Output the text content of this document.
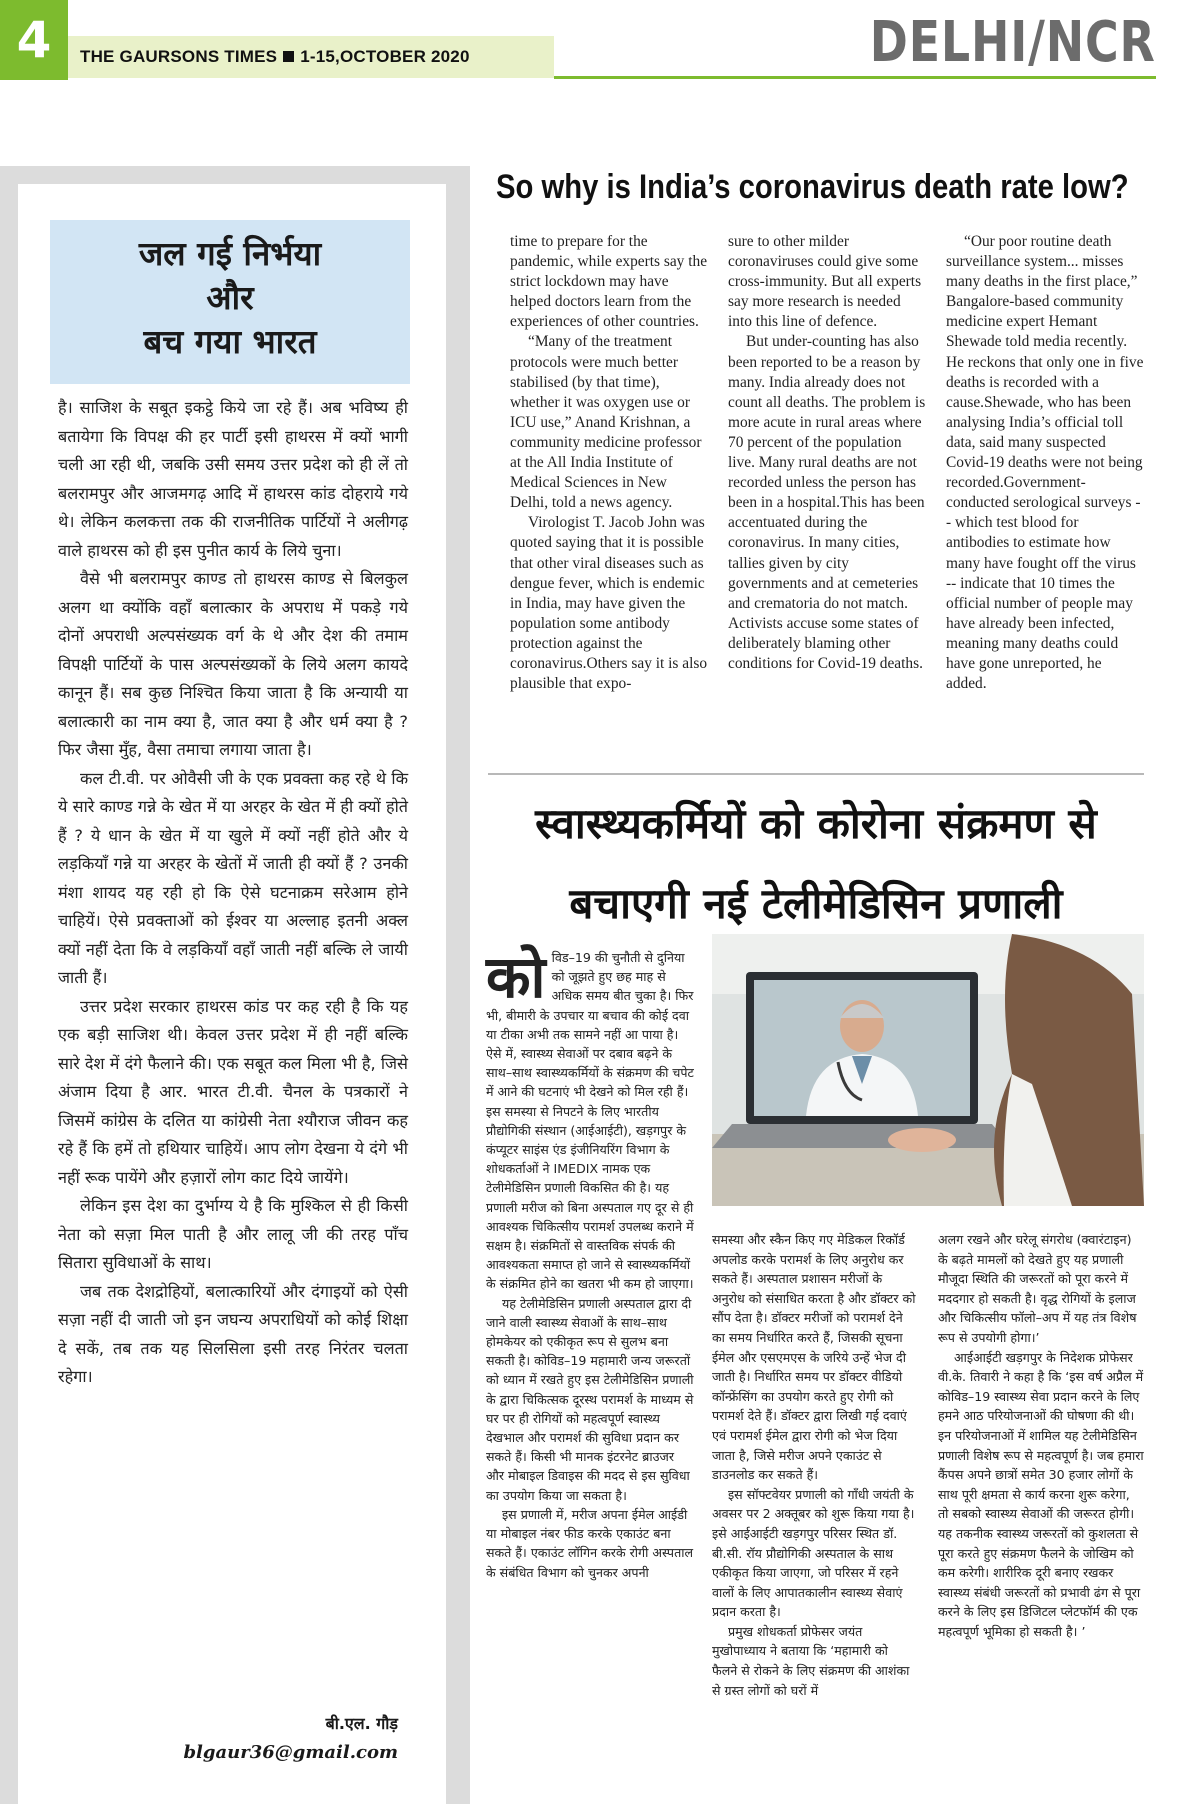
4	THE GAURSONS TIMES 1-15,OCTOBER 2020	DELHI/NCR
जल गई निर्भया
और
बच गया भारत

है। साजिश के सबूत इकट्ठे किये जा रहे हैं। अब भविष्य ही बतायेगा कि विपक्ष की हर पार्टी इसी हाथरस में क्यों भागी चली आ रही थी, जबकि उसी समय उत्तर प्रदेश को ही लें तो बलरामपुर और आजमगढ़ आदि में हाथरस कांड दोहराये गये थे। लेकिन कलकत्ता तक की राजनीतिक पार्टियों ने अलीगढ़ वाले हाथरस को ही इस पुनीत कार्य के लिये चुना।

वैसे भी बलरामपुर काण्ड तो हाथरस काण्ड से बिलकुल अलग था क्योंकि वहाँ बलात्कार के अपराध में पकड़े गये दोनों अपराधी अल्पसंख्यक वर्ग के थे और देश की तमाम विपक्षी पार्टियों के पास अल्पसंख्यकों के लिये अलग कायदे कानून हैं। सब कुछ निश्चित किया जाता है कि अन्यायी या बलात्कारी का नाम क्या है, जात क्या है और धर्म क्या है ? फिर जैसा मुँह, वैसा तमाचा लगाया जाता है।

कल टी.वी. पर ओवैसी जी के एक प्रवक्ता कह रहे थे कि ये सारे काण्ड गन्ने के खेत में या अरहर के खेत में ही क्यों होते हैं ? ये धान के खेत में या खुले में क्यों नहीं होते और ये लड़कियाँ गन्ने या अरहर के खेतों में जाती ही क्यों हैं ? उनकी मंशा शायद यह रही हो कि ऐसे घटनाक्रम सरेआम होने चाहियें। ऐसे प्रवक्ताओं को ईश्वर या अल्लाह इतनी अक्ल क्यों नहीं देता कि वे लड़कियाँ वहाँ जाती नहीं बल्कि ले जायी जाती हैं।

उत्तर प्रदेश सरकार हाथरस कांड पर कह रही है कि यह एक बड़ी साजिश थी। केवल उत्तर प्रदेश में ही नहीं बल्कि सारे देश में दंगे फैलाने की। एक सबूत कल मिला भी है, जिसे अंजाम दिया है आर. भारत टी.वी. चैनल के पत्रकारों ने जिसमें कांग्रेस के दलित या कांग्रेसी नेता श्यौराज जीवन कह रहे हैं कि हमें तो हथियार चाहियें। आप लोग देखना ये दंगे भी नहीं रूक पायेंगे और हज़ारों लोग काट दिये जायेंगे।

लेकिन इस देश का दुर्भाग्य ये है कि मुश्किल से ही किसी नेता को सज़ा मिल पाती है और लालू जी की तरह पाँच सितारा सुविधाओं के साथ।

जब तक देशद्रोहियों, बलात्कारियों और दंगाइयों को ऐसी सज़ा नहीं दी जाती जो इन जघन्य अपराधियों को कोई शिक्षा दे सकें, तब तक यह सिलसिला इसी तरह निरंतर चलता रहेगा।

बी.एल. गौड़
blgaur36@gmail.com
So why is India’s coronavirus death rate low?

time to prepare for the pandemic, while experts say the strict lockdown may have helped doctors learn from the experiences of other countries.

“Many of the treatment protocols were much better stabilised (by that time), whether it was oxygen use or ICU use,” Anand Krishnan, a community medicine professor at the All India Institute of Medical Sciences in New Delhi, told a news agency.

Virologist T. Jacob John was quoted saying that it is possible that other viral diseases such as dengue fever, which is endemic in India, may have given the population some antibody protection against the coronavirus.Others say it is also plausible that expo-

sure to other milder coronaviruses could give some cross-immunity. But all experts say more research is needed into this line of defence.

But under-counting has also been reported to be a reason by many. India already does not count all deaths. The problem is more acute in rural areas where 70 percent of the population live. Many rural deaths are not recorded unless the person has been in a hospital.This has been accentuated during the coronavirus. In many cities, tallies given by city governments and at cemeteries and crematoria do not match. Activists accuse some states of deliberately blaming other conditions for Covid-19 deaths.

“Our poor routine death surveillance system... misses many deaths in the first place,” Bangalore-based community medicine expert Hemant Shewade told media recently. He reckons that only one in five deaths is recorded with a cause.Shewade, who has been analysing India’s official toll data, said many suspected Covid-19 deaths were not being recorded.Government-conducted serological surveys -- which test blood for antibodies to estimate how many have fought off the virus -- indicate that 10 times the official number of people may have already been infected, meaning many deaths could have gone unreported, he added.

स्वास्थ्यकर्मियों को कोरोना संक्रमण से
बचाएगी नई टेलीमेडिसिन प्रणाली

कोविड–19 की चुनौती से दुनिया को जूझते हुए छह माह से अधिक समय बीत चुका है। फिर भी, बीमारी के उपचार या बचाव की कोई दवा या टीका अभी तक सामने नहीं आ पाया है। ऐसे में, स्वास्थ्य सेवाओं पर दबाव बढ़ने के साथ–साथ स्वास्थ्यकर्मियों के संक्रमण की चपेट में आने की घटनाएं भी देखने को मिल रही हैं। इस समस्या से निपटने के लिए भारतीय प्रौद्योगिकी संस्थान (आईआईटी), खड़गपुर के कंप्यूटर साइंस एंड इंजीनियरिंग विभाग के शोधकर्ताओं ने IMEDIX नामक एक टेलीमेडिसिन प्रणाली विकसित की है। यह प्रणाली मरीज को बिना अस्पताल गए दूर से ही आवश्यक चिकित्सीय परामर्श उपलब्ध कराने में सक्षम है। संक्रमितों से वास्तविक संपर्क की आवश्यकता समाप्त हो जाने से स्वास्थ्यकर्मियों के संक्रमित होने का खतरा भी कम हो जाएगा।

यह टेलीमेडिसिन प्रणाली अस्पताल द्वारा दी जाने वाली स्वास्थ्य सेवाओं के साथ–साथ होमकेयर को एकीकृत रूप से सुलभ बना सकती है। कोविड–19 महामारी जन्य जरूरतों को ध्यान में रखते हुए इस टेलीमेडिसिन प्रणाली के द्वारा चिकित्सक दूरस्थ परामर्श के माध्यम से घर पर ही रोगियों को महत्वपूर्ण स्वास्थ्य देखभाल और परामर्श की सुविधा प्रदान कर सकते हैं। किसी भी मानक इंटरनेट ब्राउजर और मोबाइल डिवाइस की मदद से इस सुविधा का उपयोग किया जा सकता है।

इस प्रणाली में, मरीज अपना ईमेल आईडी या मोबाइल नंबर फीड करके एकाउंट बना सकते हैं। एकाउंट लॉगिन करके रोगी अस्पताल के संबंधित विभाग को चुनकर अपनी

समस्या और स्कैन किए गए मेडिकल रिकॉर्ड अपलोड करके परामर्श के लिए अनुरोध कर सकते हैं। अस्पताल प्रशासन मरीजों के अनुरोध को संसाधित करता है और डॉक्टर को सौंप देता है। डॉक्टर मरीजों को परामर्श देने का समय निर्धारित करते हैं, जिसकी सूचना ईमेल और एसएमएस के जरिये उन्हें भेज दी जाती है। निर्धारित समय पर डॉक्टर वीडियो कॉन्फ्रेंसिंग का उपयोग करते हुए रोगी को परामर्श देते हैं। डॉक्टर द्वारा लिखी गई दवाएं एवं परामर्श ईमेल द्वारा रोगी को भेज दिया जाता है, जिसे मरीज अपने एकाउंट से डाउनलोड कर सकते हैं।

इस सॉफ्टवेयर प्रणाली को गाँधी जयंती के अवसर पर 2 अक्तूबर को शुरू किया गया है। इसे आईआईटी खड़गपुर परिसर स्थित डॉ. बी.सी. रॉय प्रौद्योगिकी अस्पताल के साथ एकीकृत किया जाएगा, जो परिसर में रहने वालों के लिए आपातकालीन स्वास्थ्य सेवाएं प्रदान करता है।

प्रमुख शोधकर्ता प्रोफेसर जयंत मुखोपाध्याय ने बताया कि ‘महामारी को फैलने से रोकने के लिए संक्रमण की आशंका से ग्रस्त लोगों को घरों में

अलग रखने और घरेलू संगरोध (क्वारंटाइन) के बढ़ते मामलों को देखते हुए यह प्रणाली मौजूदा स्थिति की जरूरतों को पूरा करने में मददगार हो सकती है। वृद्ध रोगियों के इलाज और चिकित्सीय फॉलो–अप में यह तंत्र विशेष रूप से उपयोगी होगा।’

आईआईटी खड़गपुर के निदेशक प्रोफेसर वी.के. तिवारी ने कहा है कि ‘इस वर्ष अप्रैल में कोविड–19 स्वास्थ्य सेवा प्रदान करने के लिए हमने आठ परियोजनाओं की घोषणा की थी। इन परियोजनाओं में शामिल यह टेलीमेडिसिन प्रणाली विशेष रूप से महत्वपूर्ण है। जब हमारा कैंपस अपने छात्रों समेत 30 हजार लोगों के साथ पूरी क्षमता से कार्य करना शुरू करेगा, तो सबको स्वास्थ्य सेवाओं की जरूरत होगी। यह तकनीक स्वास्थ्य जरूरतों को कुशलता से पूरा करते हुए संक्रमण फैलने के जोखिम को कम करेगी। शारीरिक दूरी बनाए रखकर स्वास्थ्य संबंधी जरूरतों को प्रभावी ढंग से पूरा करने के लिए इस डिजिटल प्लेटफॉर्म की एक महत्वपूर्ण भूमिका हो सकती है। ’
